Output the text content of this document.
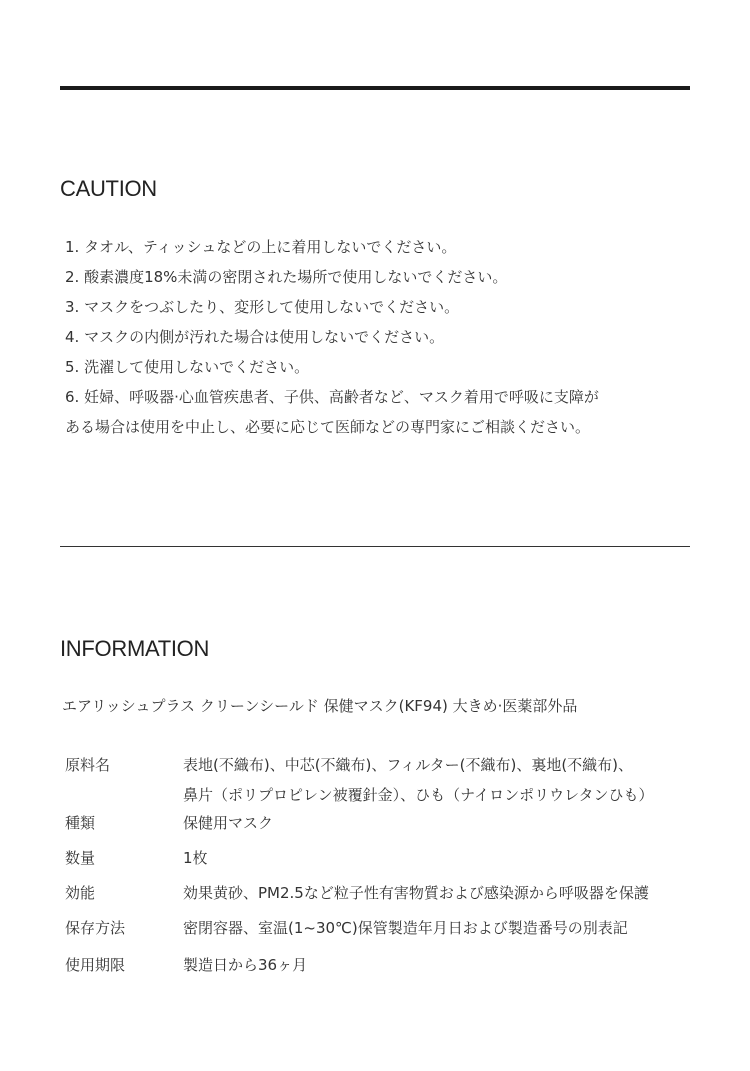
CAUTION
1. タオル、ティッシュなどの上に着用しないでください。
2. 酸素濃度18%未満の密閉された場所で使用しないでください。
3. マスクをつぶしたり、変形して使用しないでください。
4. マスクの内側が汚れた場合は使用しないでください。
5. 洗濯して使用しないでください。
6. 妊婦、呼吸器·心血管疾患者、子供、高齢者など、マスク着用で呼吸に支障が
ある場合は使用を中止し、必要に応じて医師などの専門家にご相談ください。
INFORMATION
エアリッシュプラス クリーンシールド 保健マスク(KF94) 大きめ·医薬部外品
原料名	表地(不織布)、中芯(不織布)、フィルター(不織布)、裏地(不織布)、
鼻片（ポリプロピレン被覆針金）、ひも（ナイロンポリウレタンひも）
種類	保健用マスク
数量	1枚
効能	効果黄砂、PM2.5など粒子性有害物質および感染源から呼吸器を保護
保存方法	密閉容器、室温(1~30℃)保管製造年月日および製造番号の別表記
使用期限	製造日から36ヶ月
